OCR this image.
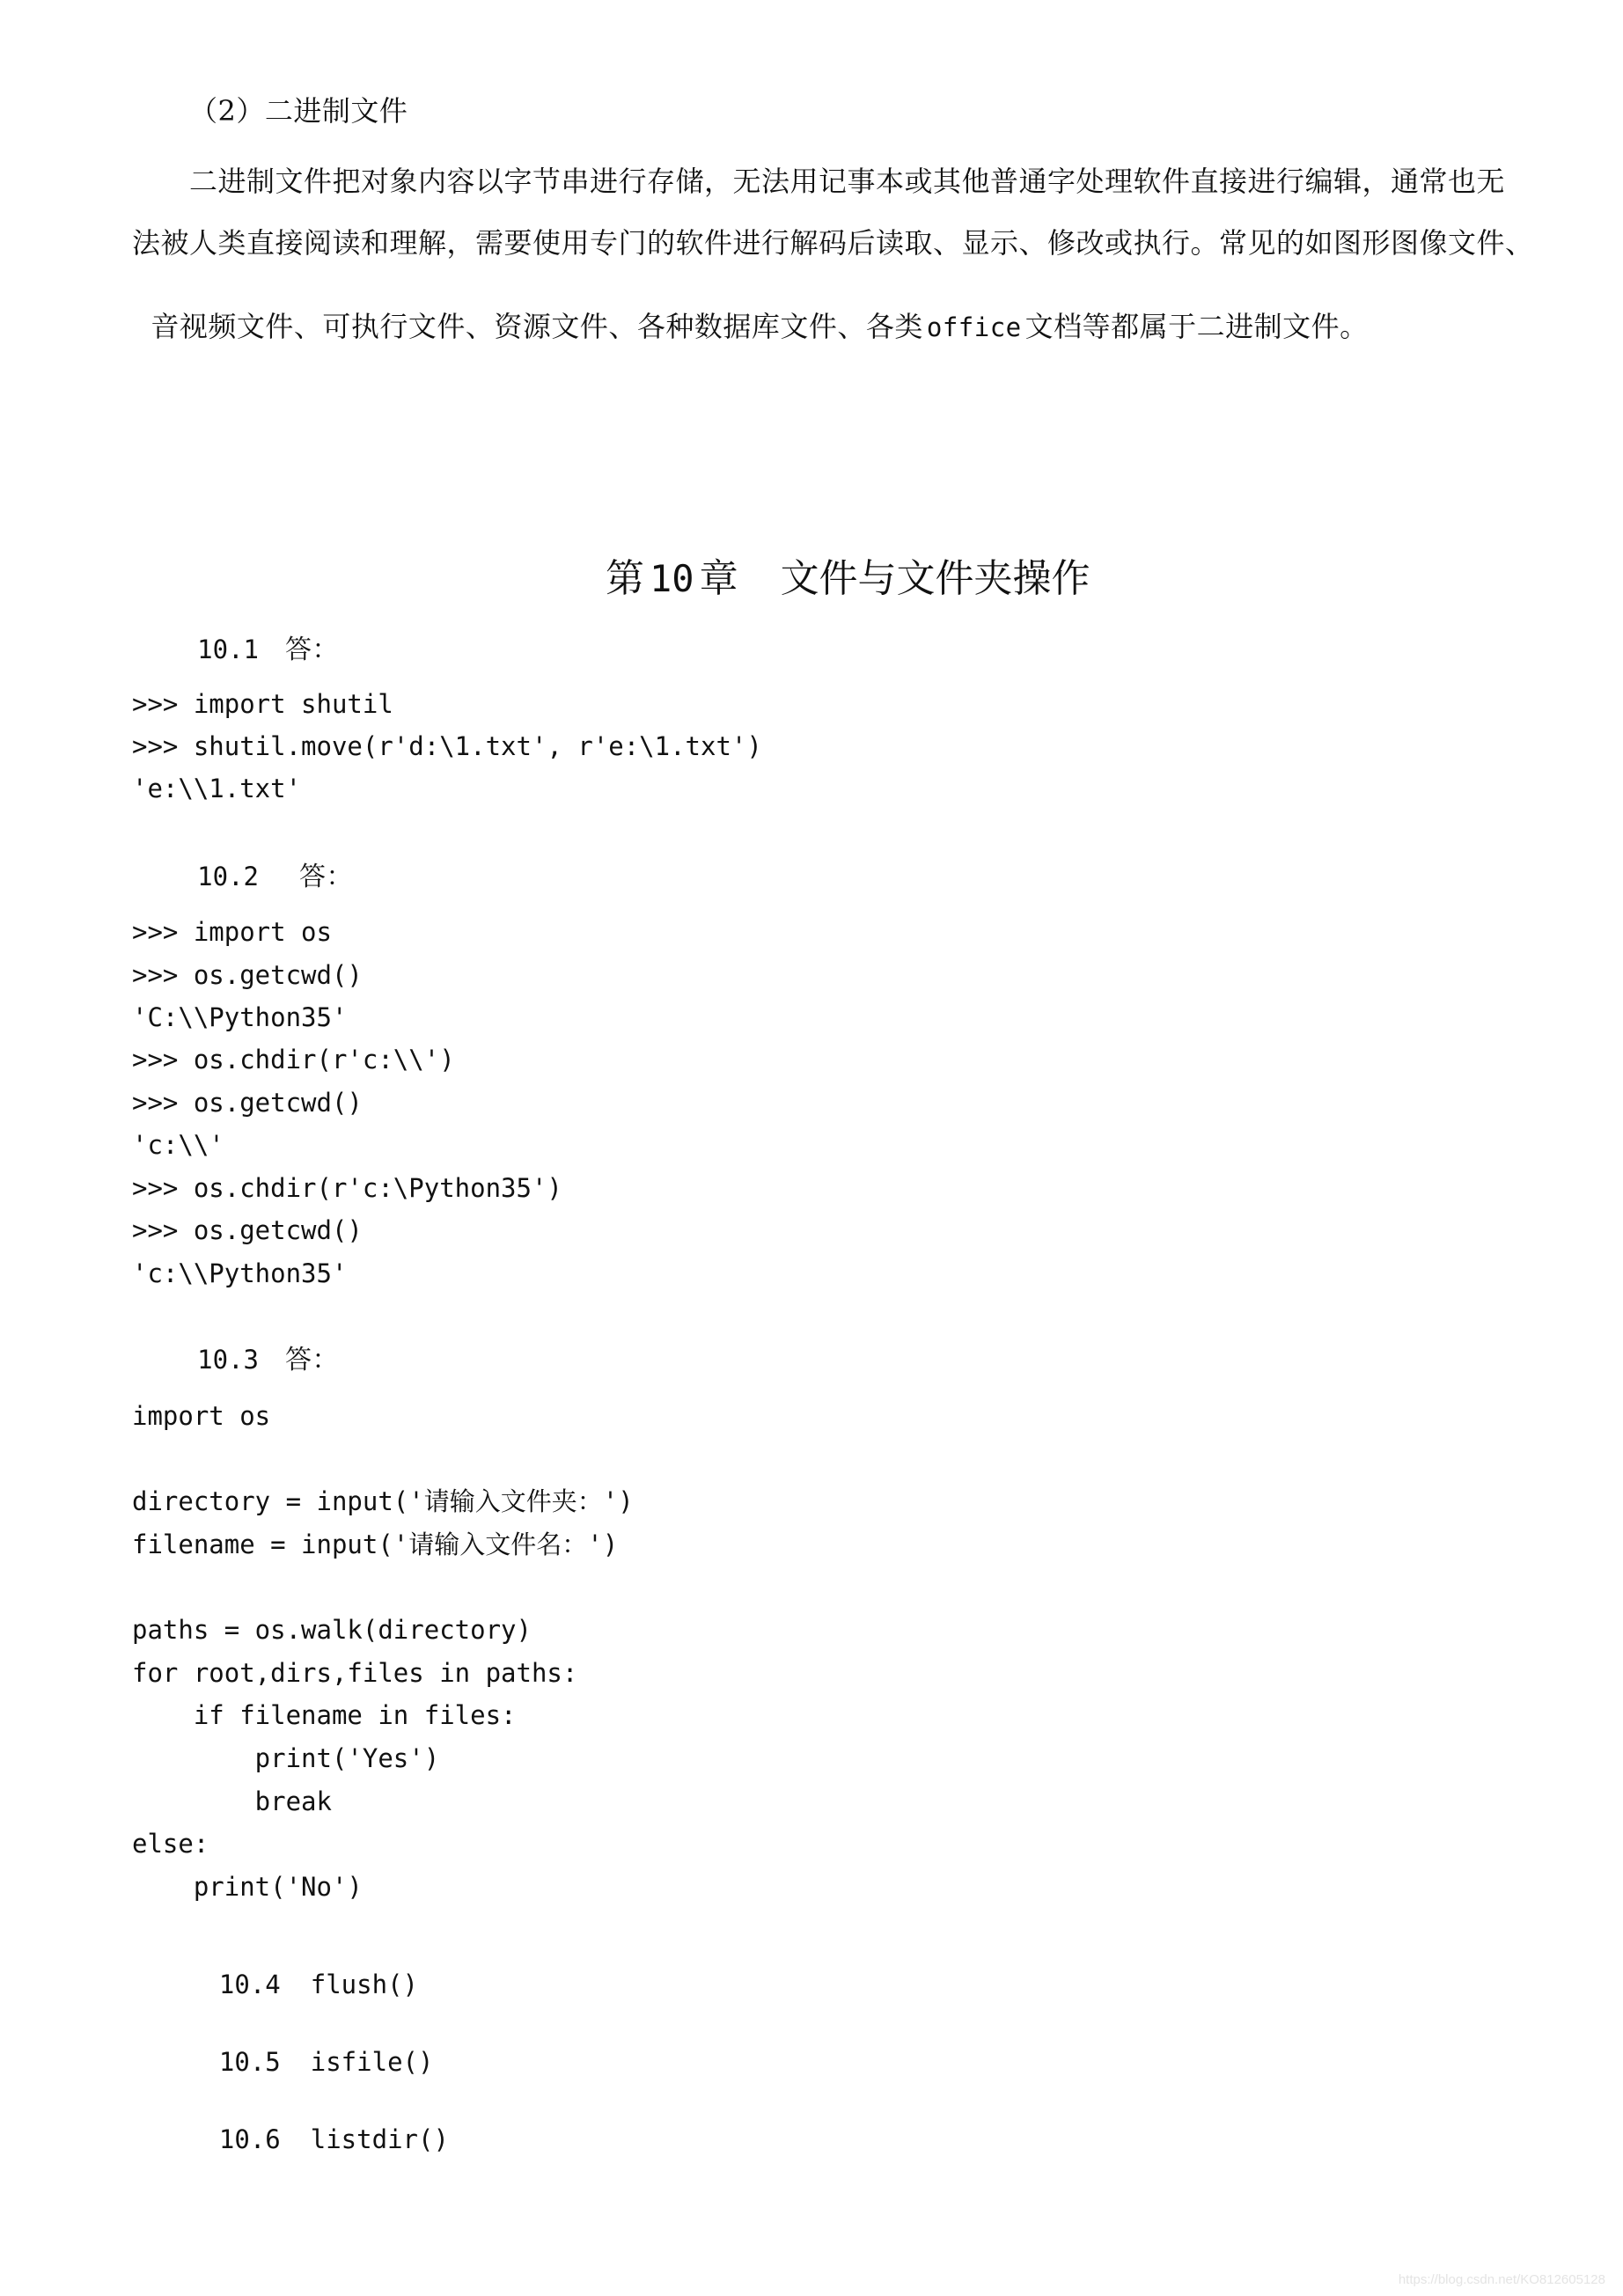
（2）二进制文件
二进制文件把对象内容以字节串进行存储，无法用记事本或其他普通字处理软件直接进行编辑，通常也无
法被人类直接阅读和理解，需要使用专门的软件进行解码后读取、显示、修改或执行。常见的如图形图像文件、

音视频文件、可执行文件、资源文件、各种数据库文件、各类 office 文档等都属于二进制文件。

第 10 章 文件与文件夹操作

10.1 答：

>>> import shutil
>>> shutil.move(r'd:\1.txt', r'e:\1.txt')
'e:\\1.txt'

10.2 答：

>>> import os
>>> os.getcwd()
'C:\\Python35'
>>> os.chdir(r'c:\\')
>>> os.getcwd()
'c:\\'
>>> os.chdir(r'c:\Python35')
>>> os.getcwd()
'c:\\Python35'

10.3 答：

import os
directory = input('请输入文件夹：')
filename = input('请输入文件名：')
paths = os.walk(directory)
for root,dirs,files in paths:
if filename in files:
print('Yes')
break
else:
print('No')

10.4 flush()

10.5 isfile()

10.6 listdir()

https://blog.csdn.net/KO812605128
